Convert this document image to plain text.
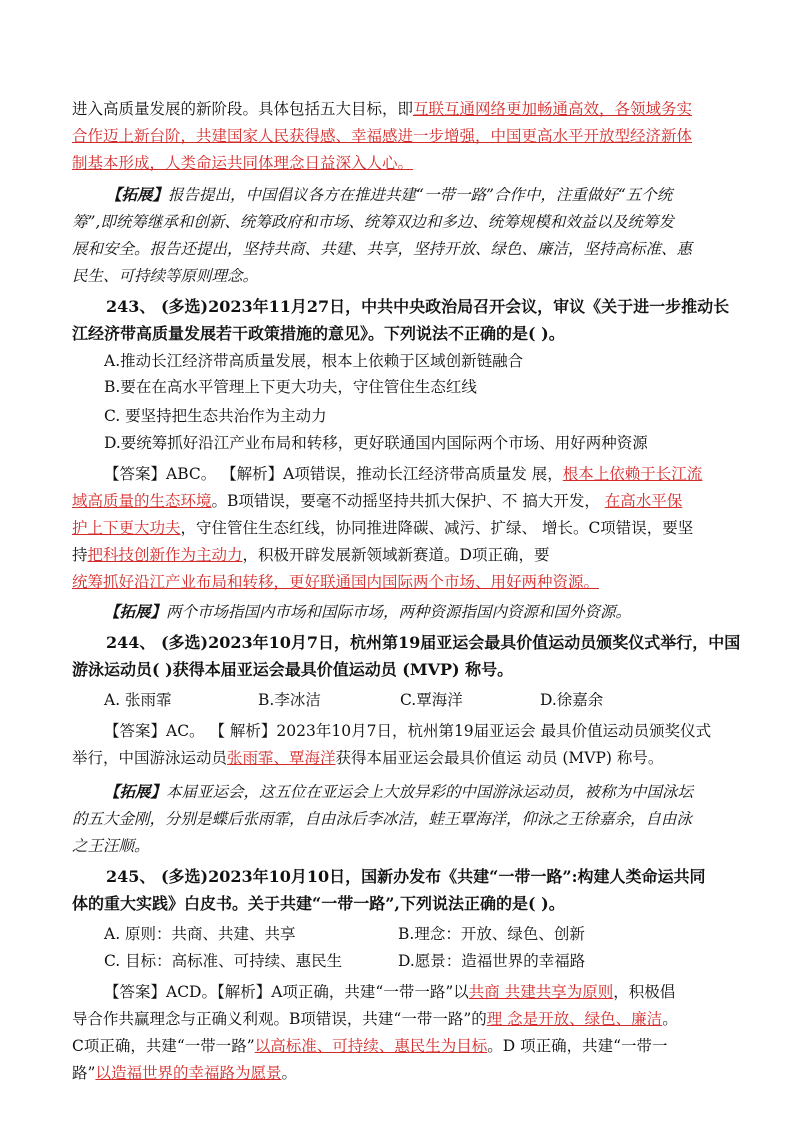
进入高质量发展的新阶段。具体包括五大目标，即互联互通网络更加畅通高效，各领域务实
合作迈上新台阶，共建国家人民获得感、幸福感进一步增强，中国更高水平开放型经济新体
制基本形成，人类命运共同体理念日益深入人心。
【拓展】报告提出，中国倡议各方在推进共建“一带一路”合作中，注重做好“五个统
筹”,即统筹继承和创新、统筹政府和市场、统筹双边和多边、统筹规模和效益以及统筹发
展和安全。报告还提出，坚持共商、共建、共享，坚持开放、绿色、廉洁，坚持高标准、惠
民生、可持续等原则理念。
243、 (多选)2023年11月27日，中共中央政治局召开会议，审议《关于进一步推动长
江经济带高质量发展若干政策措施的意见》。下列说法不正确的是( )。
A.推动长江经济带高质量发展，根本上依赖于区域创新链融合
B.要在在高水平管理上下更大功夫，守住管住生态红线
C. 要坚持把生态共治作为主动力
D.要统筹抓好沿江产业布局和转移，更好联通国内国际两个市场、用好两种资源
【答案】ABC。 【解析】A项错误，推动长江经济带高质量发 展，根本上依赖于长江流
域高质量的生态环境。B项错误，要毫不动摇坚持共抓大保护、不 搞大开发， 在高水平保
护上下更大功夫，守住管住生态红线，协同推进降碳、减污、扩绿、 增长。C项错误，要坚
持把科技创新作为主动力，积极开辟发展新领域新赛道。D项正确，要
统筹抓好沿江产业布局和转移，更好联通国内国际两个市场、用好两种资源。
【拓展】两个市场指国内市场和国际市场，两种资源指国内资源和国外资源。
244、 (多选)2023年10月7日，杭州第19届亚运会最具价值运动员颁奖仪式举行，中国
游泳运动员( )获得本届亚运会最具价值运动员 (MVP) 称号。
A. 张雨霏	B.李冰洁	C.覃海洋	D.徐嘉余
【答案】AC。 【 解析】2023年10月7日，杭州第19届亚运会 最具价值运动员颁奖仪式
举行，中国游泳运动员张雨霏、覃海洋获得本届亚运会最具价值运 动员 (MVP) 称号。
【拓展】本届亚运会，这五位在亚运会上大放异彩的中国游泳运动员，被称为中国泳坛
的五大金刚，分别是蝶后张雨霏，自由泳后李冰洁，蛙王覃海洋，仰泳之王徐嘉余，自由泳
之王汪顺。
245、 (多选)2023年10月10日，国新办发布《共建“一带一路”:构建人类命运共同
体的重大实践》白皮书。关于共建“一带一路”,下列说法正确的是( )。
A. 原则：共商、共建、共享	B.理念：开放、绿色、创新
C. 目标：高标准、可持续、惠民生	D.愿景：造福世界的幸福路
【答案】ACD。【解析】A项正确，共建“一带一路”以共商 共建共享为原则，积极倡
导合作共赢理念与正确义利观。B项错误，共建“一带一路”的理 念是开放、绿色、廉洁。
C项正确，共建“一带一路”以高标准、可持续、惠民生为目标。D 项正确，共建“一带一
路”以造福世界的幸福路为愿景。
